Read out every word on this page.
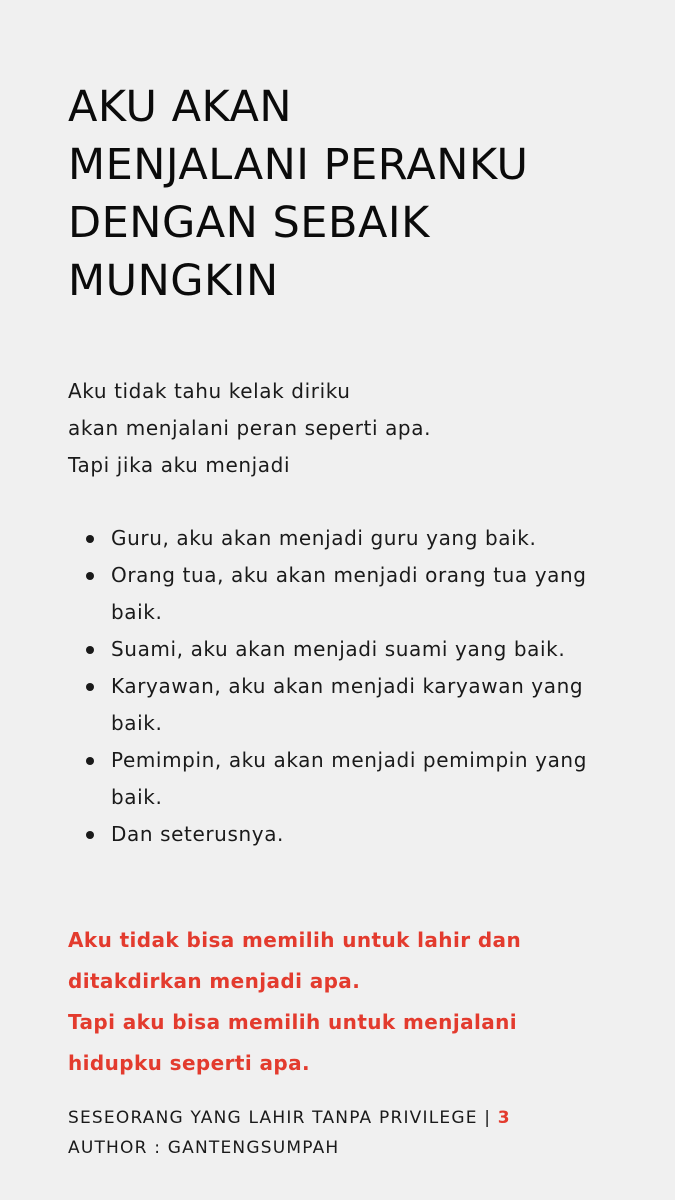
AKU AKAN
MENJALANI PERANKU
DENGAN SEBAIK
MUNGKIN
Aku tidak tahu kelak diriku
akan menjalani peran seperti apa.
Tapi jika aku menjadi
Guru, aku akan menjadi guru yang baik.
Orang tua, aku akan menjadi orang tua yang baik.
Suami, aku akan menjadi suami yang baik.
Karyawan, aku akan menjadi karyawan yang baik.
Pemimpin, aku akan menjadi pemimpin yang baik.
Dan seterusnya.
Aku tidak bisa memilih untuk lahir dan
ditakdirkan menjadi apa.
Tapi aku bisa memilih untuk menjalani
hidupku seperti apa.
SESEORANG YANG LAHIR TANPA PRIVILEGE | 3
AUTHOR : GANTENGSUMPAH
